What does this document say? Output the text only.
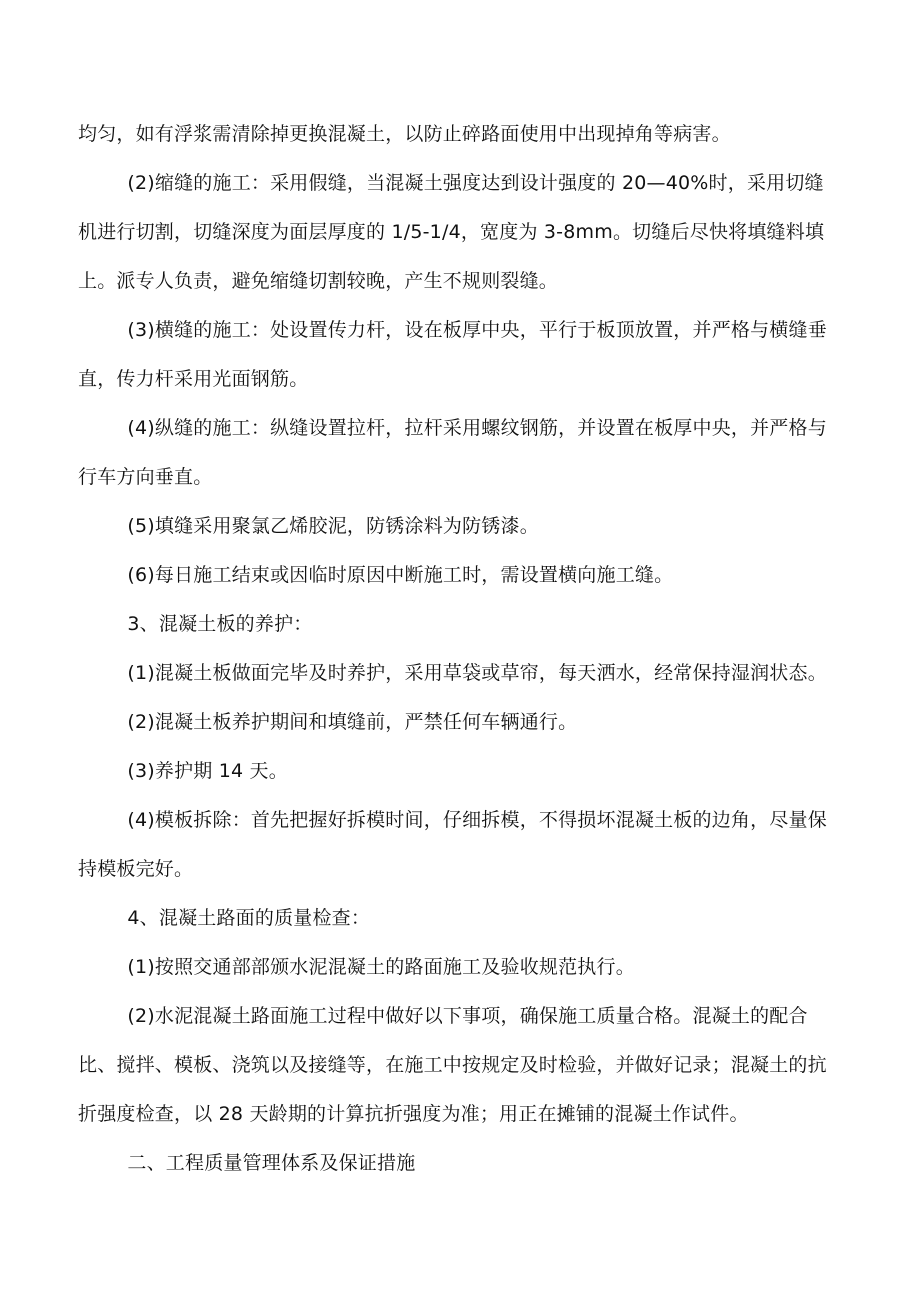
均匀，如有浮浆需清除掉更换混凝土，以防止碎路面使用中出现掉角等病害。

(2)缩缝的施工：采用假缝，当混凝土强度达到设计强度的 20—40%时，采用切缝机进行切割，切缝深度为面层厚度的 1/5-1/4，宽度为 3-8mm。切缝后尽快将填缝料填上。派专人负责，避免缩缝切割较晚，产生不规则裂缝。

(3)横缝的施工：处设置传力杆，设在板厚中央，平行于板顶放置，并严格与横缝垂直，传力杆采用光面钢筋。

(4)纵缝的施工：纵缝设置拉杆，拉杆采用螺纹钢筋，并设置在板厚中央，并严格与行车方向垂直。

(5)填缝采用聚氯乙烯胶泥，防锈涂料为防锈漆。

(6)每日施工结束或因临时原因中断施工时，需设置横向施工缝。

3、混凝土板的养护：

(1)混凝土板做面完毕及时养护，采用草袋或草帘，每天洒水，经常保持湿润状态。

(2)混凝土板养护期间和填缝前，严禁任何车辆通行。

(3)养护期 14 天。

(4)模板拆除：首先把握好拆模时间，仔细拆模，不得损坏混凝土板的边角，尽量保持模板完好。

4、混凝土路面的质量检查：

(1)按照交通部部颁水泥混凝土的路面施工及验收规范执行。

(2)水泥混凝土路面施工过程中做好以下事项，确保施工质量合格。混凝土的配合比、搅拌、模板、浇筑以及接缝等，在施工中按规定及时检验，并做好记录；混凝土的抗折强度检查，以 28 天龄期的计算抗折强度为准；用正在摊铺的混凝土作试件。

二、工程质量管理体系及保证措施
